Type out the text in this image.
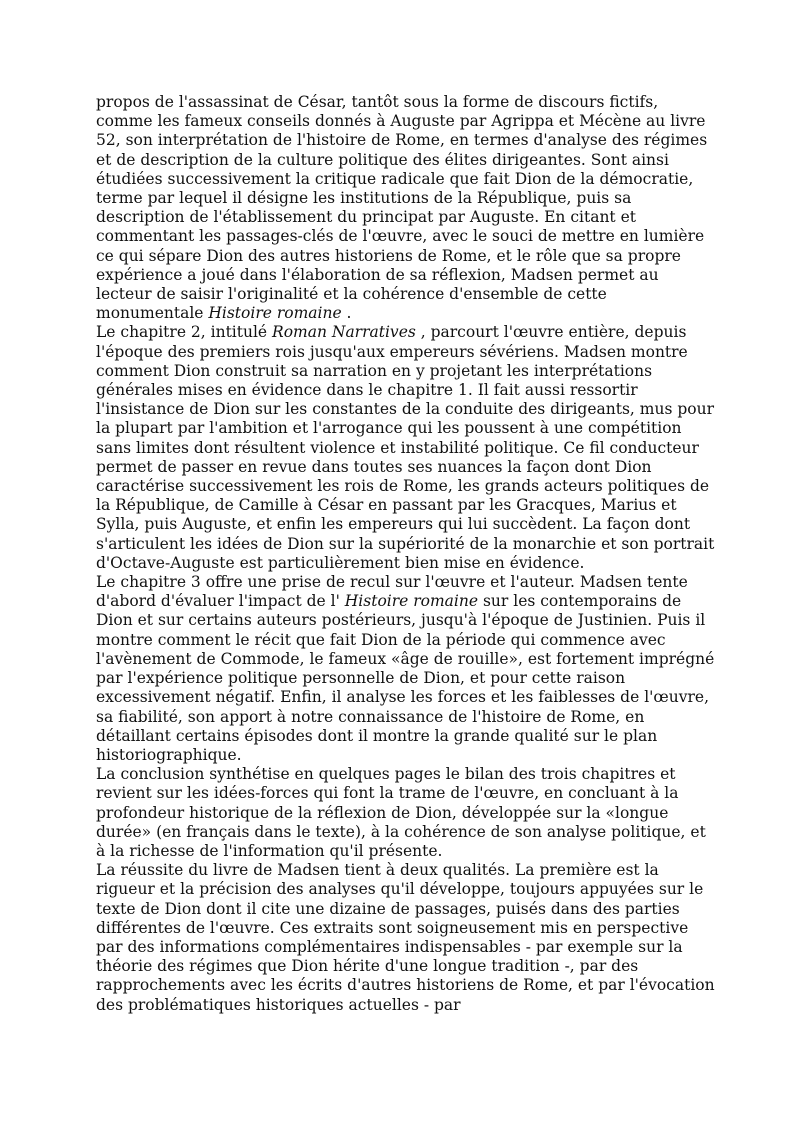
propos de l'assassinat de César, tantôt sous la forme de discours fictifs, comme les fameux conseils donnés à Auguste par Agrippa et Mécène au livre 52, son interprétation de l'histoire de Rome, en termes d'analyse des régimes et de description de la culture politique des élites dirigeantes. Sont ainsi étudiées successivement la critique radicale que fait Dion de la démocratie, terme par lequel il désigne les institutions de la République, puis sa description de l'établissement du principat par Auguste. En citant et commentant les passages-clés de l'œuvre, avec le souci de mettre en lumière ce qui sépare Dion des autres historiens de Rome, et le rôle que sa propre expérience a joué dans l'élaboration de sa réflexion, Madsen permet au lecteur de saisir l'originalité et la cohérence d'ensemble de cette monumentale Histoire romaine .

Le chapitre 2, intitulé Roman Narratives , parcourt l'œuvre entière, depuis l'époque des premiers rois jusqu'aux empereurs sévériens. Madsen montre comment Dion construit sa narration en y projetant les interprétations générales mises en évidence dans le chapitre 1. Il fait aussi ressortir l'insistance de Dion sur les constantes de la conduite des dirigeants, mus pour la plupart par l'ambition et l'arrogance qui les poussent à une compétition sans limites dont résultent violence et instabilité politique. Ce fil conducteur permet de passer en revue dans toutes ses nuances la façon dont Dion caractérise successivement les rois de Rome, les grands acteurs politiques de la République, de Camille à César en passant par les Gracques, Marius et Sylla, puis Auguste, et enfin les empereurs qui lui succèdent. La façon dont s'articulent les idées de Dion sur la supériorité de la monarchie et son portrait d'Octave-Auguste est particulièrement bien mise en évidence.

Le chapitre 3 offre une prise de recul sur l'œuvre et l'auteur. Madsen tente d'abord d'évaluer l'impact de l' Histoire romaine sur les contemporains de Dion et sur certains auteurs postérieurs, jusqu'à l'époque de Justinien. Puis il montre comment le récit que fait Dion de la période qui commence avec l'avènement de Commode, le fameux «âge de rouille», est fortement imprégné par l'expérience politique personnelle de Dion, et pour cette raison excessivement négatif. Enfin, il analyse les forces et les faiblesses de l'œuvre, sa fiabilité, son apport à notre connaissance de l'histoire de Rome, en détaillant certains épisodes dont il montre la grande qualité sur le plan historiographique.

La conclusion synthétise en quelques pages le bilan des trois chapitres et revient sur les idées-forces qui font la trame de l'œuvre, en concluant à la profondeur historique de la réflexion de Dion, développée sur la «longue durée» (en français dans le texte), à la cohérence de son analyse politique, et à la richesse de l'information qu'il présente.

La réussite du livre de Madsen tient à deux qualités. La première est la rigueur et la précision des analyses qu'il développe, toujours appuyées sur le texte de Dion dont il cite une dizaine de passages, puisés dans des parties différentes de l'œuvre. Ces extraits sont soigneusement mis en perspective par des informations complémentaires indispensables - par exemple sur la théorie des régimes que Dion hérite d'une longue tradition -, par des rapprochements avec les écrits d'autres historiens de Rome, et par l'évocation des problématiques historiques actuelles - par
